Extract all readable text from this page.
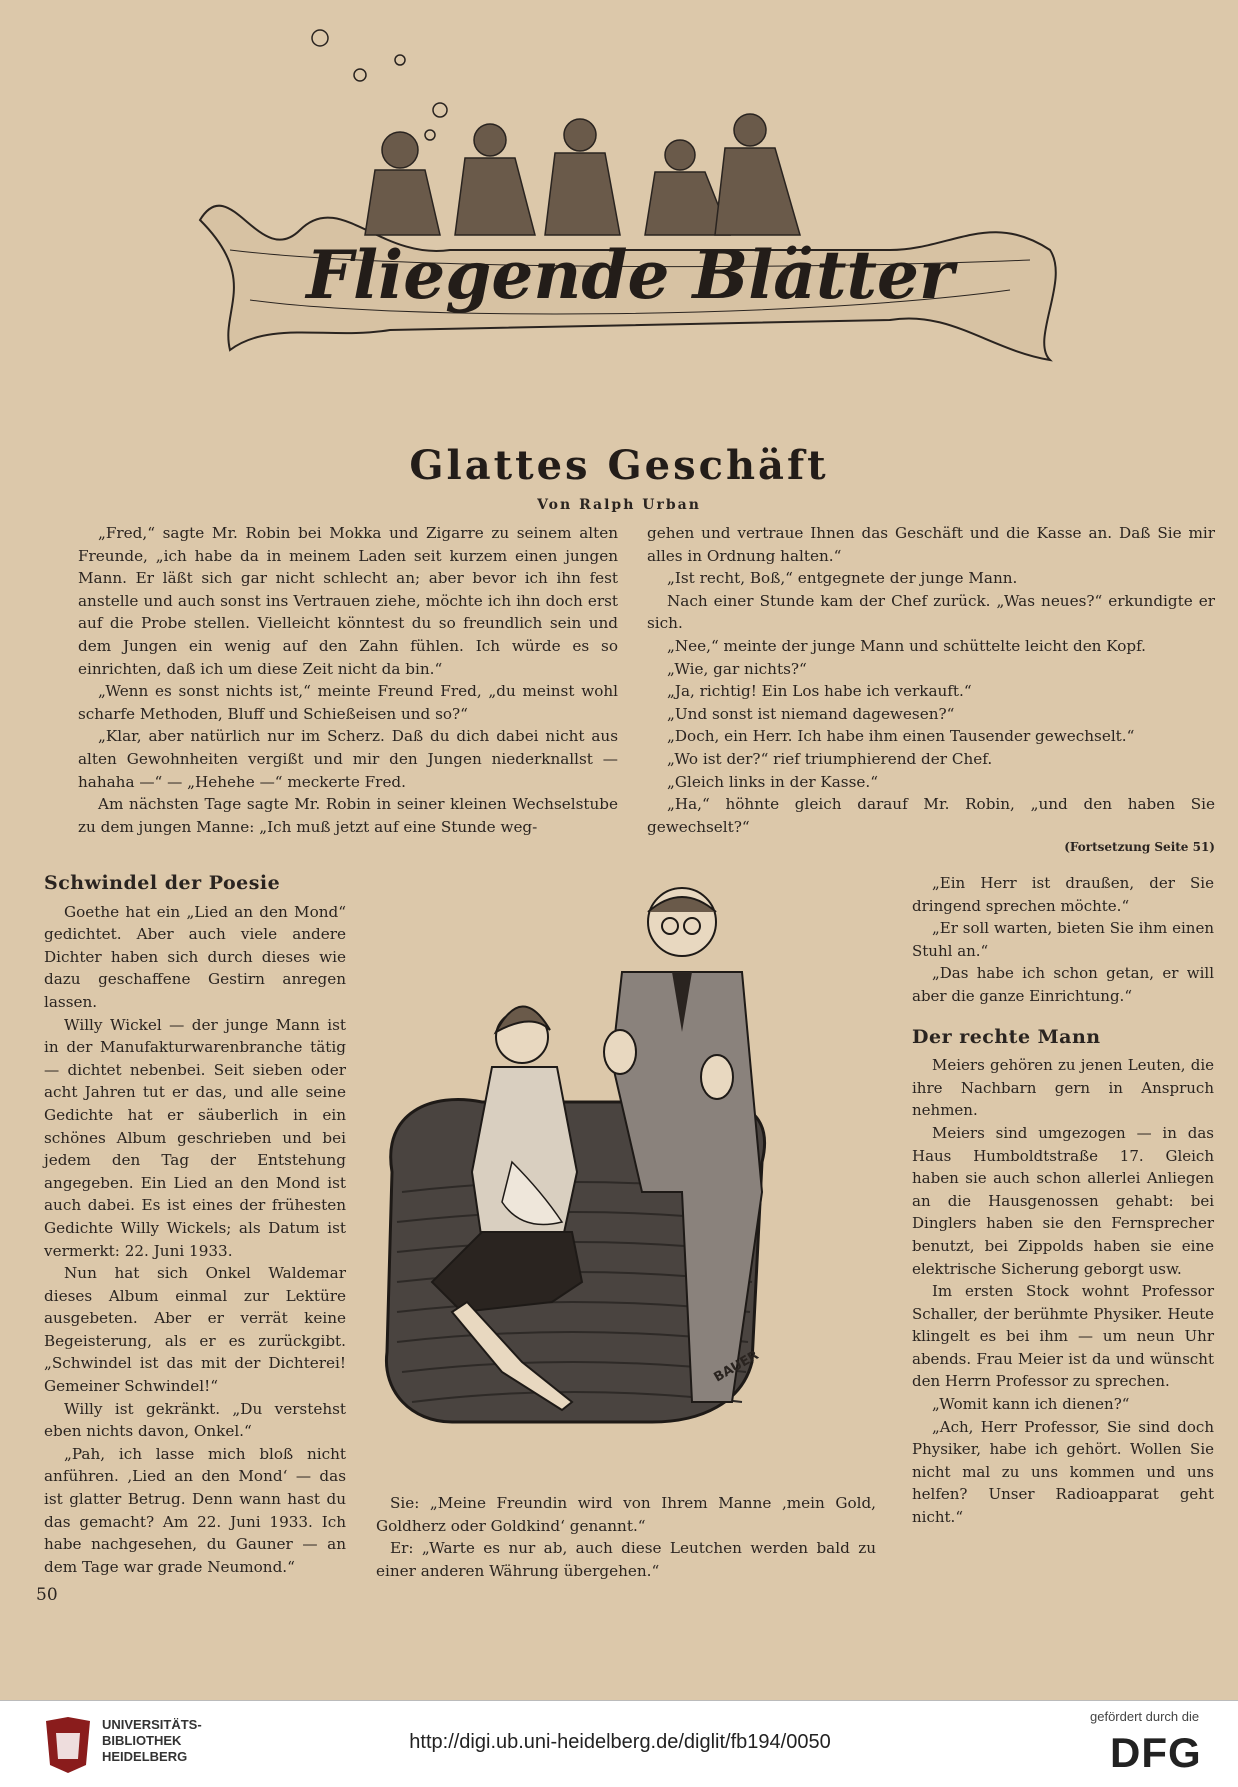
Fliegende Blätter
Glattes Geschäft
Von Ralph Urban

„Fred,“ sagte Mr. Robin bei Mokka und Zigarre zu seinem alten Freunde, „ich habe da in meinem Laden seit kurzem einen jungen Mann. Er läßt sich gar nicht schlecht an; aber bevor ich ihn fest anstelle und auch sonst ins Vertrauen ziehe, möchte ich ihn doch erst auf die Probe stellen. Vielleicht könntest du so freundlich sein und dem Jungen ein wenig auf den Zahn fühlen. Ich würde es so einrichten, daß ich um diese Zeit nicht da bin.“

„Wenn es sonst nichts ist,“ meinte Freund Fred, „du meinst wohl scharfe Methoden, Bluff und Schießeisen und so?“

„Klar, aber natürlich nur im Scherz. Daß du dich dabei nicht aus alten Gewohnheiten vergißt und mir den Jungen niederknallst — hahaha —“ — „Hehehe —“ meckerte Fred.

Am nächsten Tage sagte Mr. Robin in seiner kleinen Wechselstube zu dem jungen Manne: „Ich muß jetzt auf eine Stunde weg-

gehen und vertraue Ihnen das Geschäft und die Kasse an. Daß Sie mir alles in Ordnung halten.“

„Ist recht, Boß,“ entgegnete der junge Mann.

Nach einer Stunde kam der Chef zurück. „Was neues?“ erkundigte er sich.

„Nee,“ meinte der junge Mann und schüttelte leicht den Kopf.

„Wie, gar nichts?“

„Ja, richtig! Ein Los habe ich verkauft.“

„Und sonst ist niemand dagewesen?“

„Doch, ein Herr. Ich habe ihm einen Tausender gewechselt.“

„Wo ist der?“ rief triumphierend der Chef.

„Gleich links in der Kasse.“

„Ha,“ höhnte gleich darauf Mr. Robin, „und den haben Sie gewechselt?“

(Fortsetzung Seite 51)

Schwindel der Poesie

Goethe hat ein „Lied an den Mond“ gedichtet. Aber auch viele andere Dichter haben sich durch dieses wie dazu geschaffene Gestirn anregen lassen.

Willy Wickel — der junge Mann ist in der Manufakturwarenbranche tätig — dichtet nebenbei. Seit sieben oder acht Jahren tut er das, und alle seine Gedichte hat er säuberlich in ein schönes Album geschrieben und bei jedem den Tag der Entstehung angegeben. Ein Lied an den Mond ist auch dabei. Es ist eines der frühesten Gedichte Willy Wickels; als Datum ist vermerkt: 22. Juni 1933.

Nun hat sich Onkel Waldemar dieses Album einmal zur Lektüre ausgebeten. Aber er verrät keine Begeisterung, als er es zurückgibt. „Schwindel ist das mit der Dichterei! Gemeiner Schwindel!“

Willy ist gekränkt. „Du verstehst eben nichts davon, Onkel.“

„Pah, ich lasse mich bloß nicht anführen. ‚Lied an den Mond‘ — das ist glatter Betrug. Denn wann hast du das gemacht? Am 22. Juni 1933. Ich habe nachgesehen, du Gauner — an dem Tage war grade Neumond.“

BAUER

Sie: „Meine Freundin wird von Ihrem Manne ‚mein Gold, Goldherz oder Goldkind‘ genannt.“

Er: „Warte es nur ab, auch diese Leutchen werden bald zu einer anderen Währung übergehen.“

„Ein Herr ist draußen, der Sie dringend sprechen möchte.“

„Er soll warten, bieten Sie ihm einen Stuhl an.“

„Das habe ich schon getan, er will aber die ganze Einrichtung.“

Der rechte Mann

Meiers gehören zu jenen Leuten, die ihre Nachbarn gern in Anspruch nehmen.

Meiers sind umgezogen — in das Haus Humboldtstraße 17. Gleich haben sie auch schon allerlei Anliegen an die Hausgenossen gehabt: bei Dinglers haben sie den Fernsprecher benutzt, bei Zippolds haben sie eine elektrische Sicherung geborgt usw.

Im ersten Stock wohnt Professor Schaller, der berühmte Physiker. Heute klingelt es bei ihm — um neun Uhr abends. Frau Meier ist da und wünscht den Herrn Professor zu sprechen.

„Womit kann ich dienen?“

„Ach, Herr Professor, Sie sind doch Physiker, habe ich gehört. Wollen Sie nicht mal zu uns kommen und uns helfen? Unser Radioapparat geht nicht.“

50
UNIVERSITÄTS-
BIBLIOTHEK
HEIDELBERG
http://digi.ub.uni-heidelberg.de/diglit/fb194/0050
gefördert durch die
DFG
